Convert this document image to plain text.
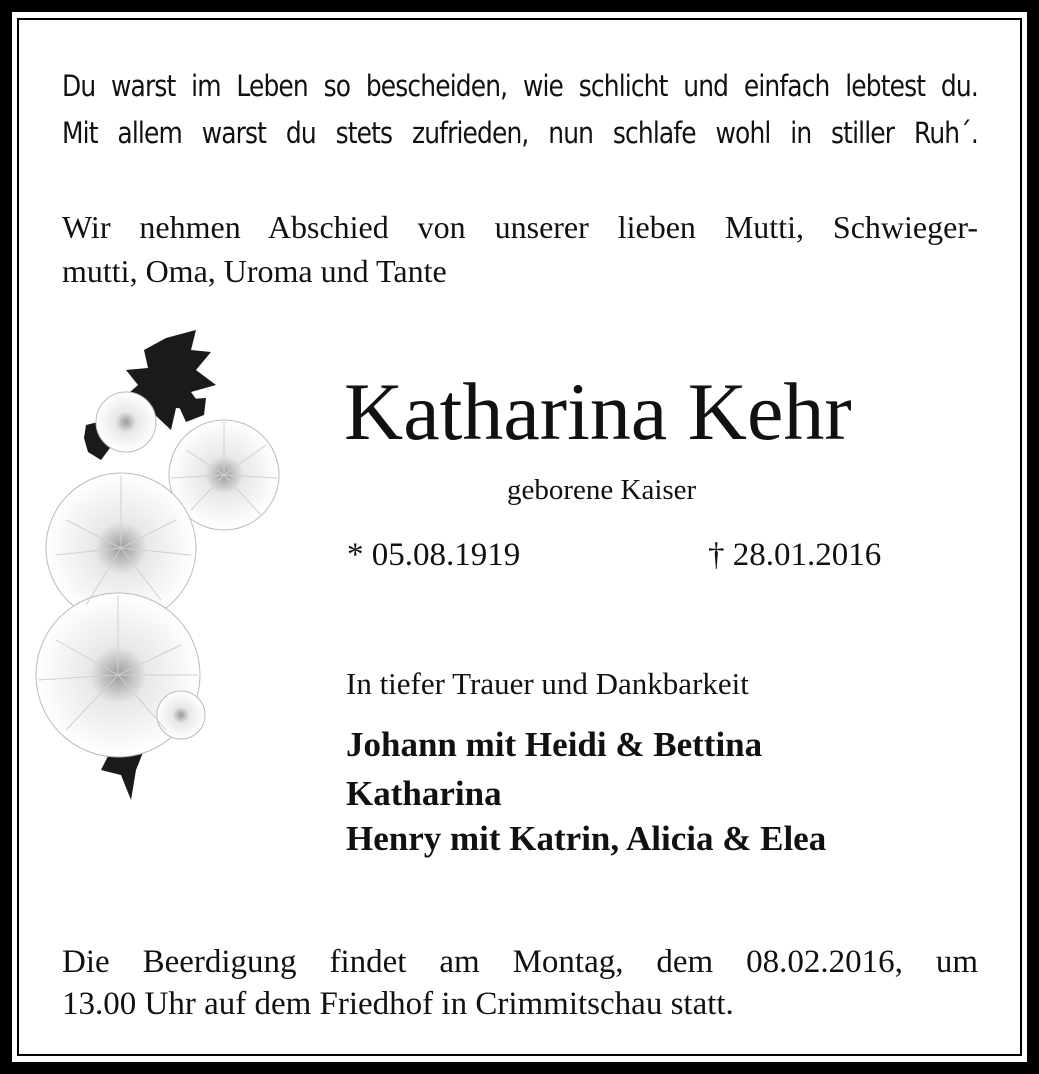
Du warst im Leben so bescheiden, wie schlicht und einfach lebtest du.
Mit allem warst du stets zufrieden, nun schlafe wohl in stiller Ruh´.
Wir nehmen Abschied von unserer lieben Mutti, Schwieger-
mutti, Oma, Uroma und Tante
Katharina Kehr
geborene Kaiser
* 05.08.1919	† 28.01.2016
In tiefer Trauer und Dankbarkeit
Johann mit Heidi & Bettina
Katharina
Henry mit Katrin, Alicia & Elea
Die Beerdigung findet am Montag, dem 08.02.2016, um
13.00 Uhr auf dem Friedhof in Crimmitschau statt.
